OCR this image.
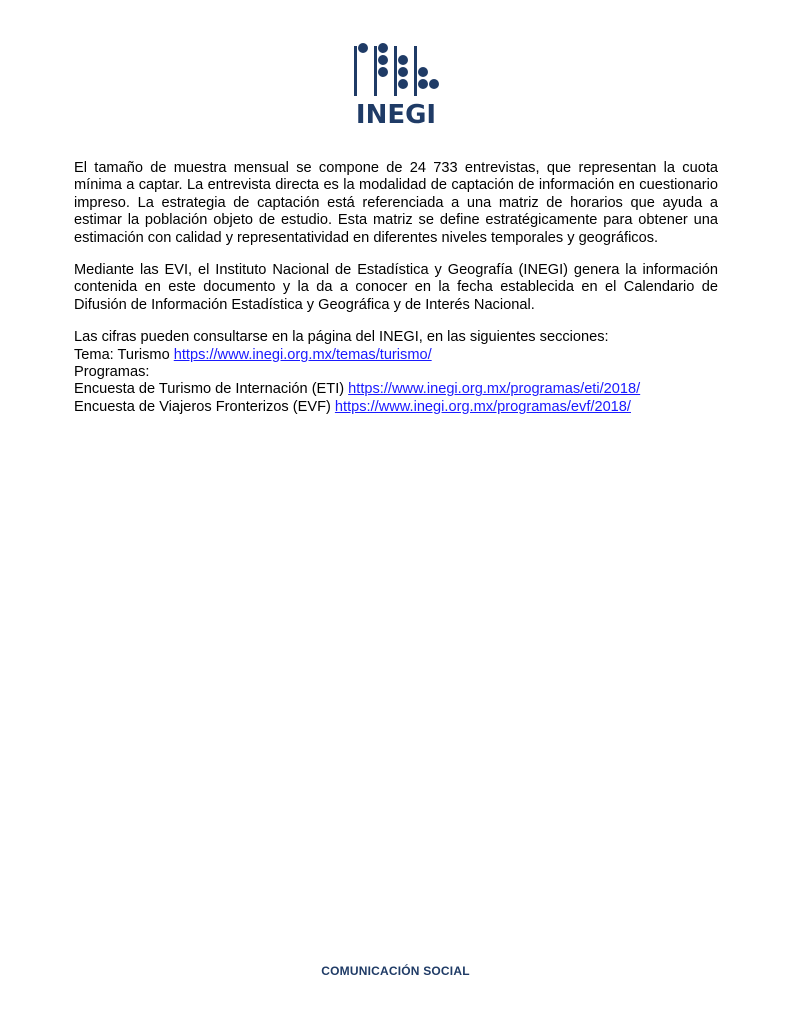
INEGI

El tamaño de muestra mensual se compone de 24 733 entrevistas, que representan la cuota mínima a captar. La entrevista directa es la modalidad de captación de información en cuestionario impreso. La estrategia de captación está referenciada a una matriz de horarios que ayuda a estimar la población objeto de estudio. Esta matriz se define estratégicamente para obtener una estimación con calidad y representatividad en diferentes niveles temporales y geográficos.

Mediante las EVI, el Instituto Nacional de Estadística y Geografía (INEGI) genera la información contenida en este documento y la da a conocer en la fecha establecida en el Calendario de Difusión de Información Estadística y Geográfica y de Interés Nacional.

Las cifras pueden consultarse en la página del INEGI, en las siguientes secciones:
Tema: Turismo https://www.inegi.org.mx/temas/turismo/
Programas:
Encuesta de Turismo de Internación (ETI) https://www.inegi.org.mx/programas/eti/2018/
Encuesta de Viajeros Fronterizos (EVF) https://www.inegi.org.mx/programas/evf/2018/
COMUNICACIÓN SOCIAL
